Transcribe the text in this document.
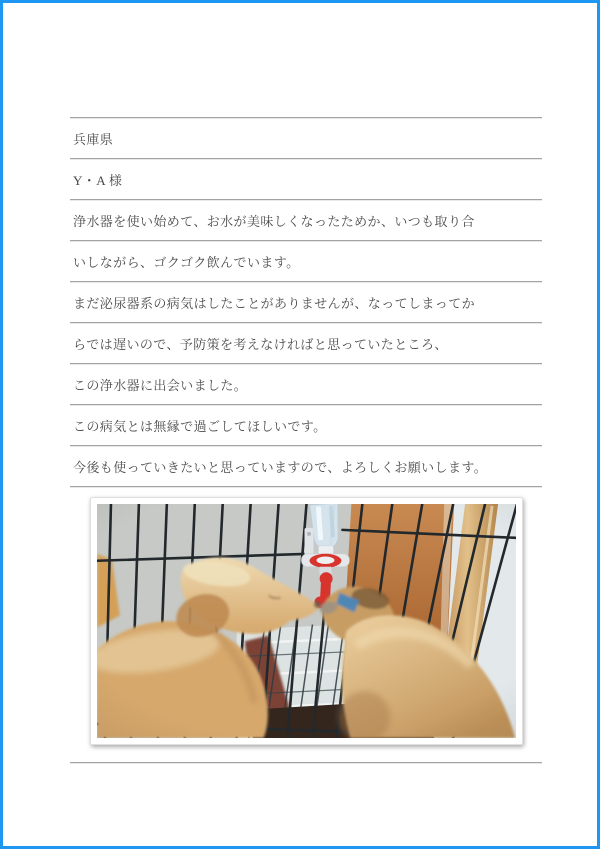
兵庫県
Y・A 様
浄水器を使い始めて、お水が美味しくなったためか、いつも取り合
いしながら、ゴクゴク飲んでいます。
まだ泌尿器系の病気はしたことがありませんが、なってしまってか
らでは遅いので、予防策を考えなければと思っていたところ、
この浄水器に出会いました。
この病気とは無縁で過ごしてほしいです。
今後も使っていきたいと思っていますので、よろしくお願いします。
